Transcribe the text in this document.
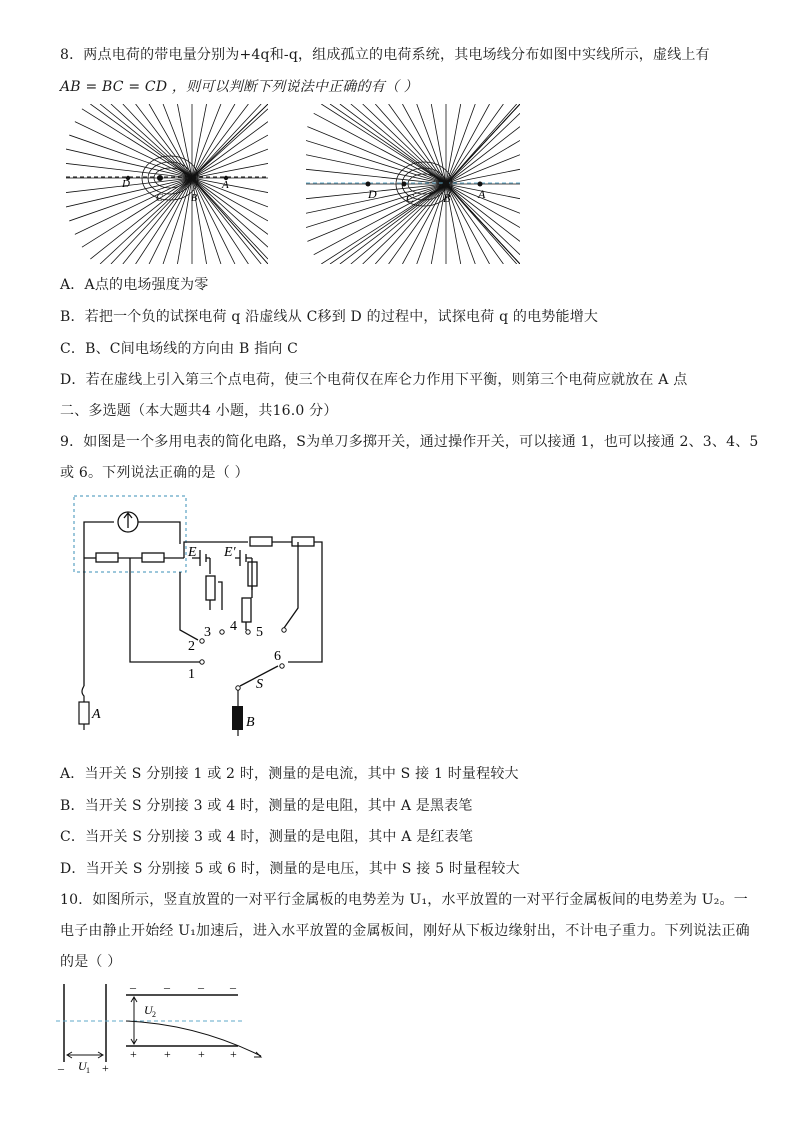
8．两点电荷的带电量分别为+4q和-q，组成孤立的电荷系统，其电场线分布如图中实线所示，虚线上有
AB = BC = CD ，则可以判断下列说法中正确的有（ ）
D
C	B
A
D C B A
A．A点的电场强度为零
B．若把一个负的试探电荷 q 沿虚线从 C移到 D 的过程中，试探电荷 q 的电势能增大
C．B、C间电场线的方向由 B 指向 C
D．若在虚线上引入第三个点电荷，使三个电荷仅在库仑力作用下平衡，则第三个电荷应就放在 A 点
二、多选题（本大题共4 小题，共16.0 分）
9．如图是一个多用电表的简化电路，S为单刀多掷开关，通过操作开关，可以接通 1，也可以接通 2、3、4、5
或 6。下列说法正确的是（ ）
E E′
1
2
3 4 5
6
S
A
B
A．当开关 S 分别接 1 或 2 时，测量的是电流，其中 S 接 1 时量程较大
B．当开关 S 分别接 3 或 4 时，测量的是电阻，其中 A 是黑表笔
C．当开关 S 分别接 3 或 4 时，测量的是电阻，其中 A 是红表笔
D．当开关 S 分别接 5 或 6 时，测量的是电压，其中 S 接 5 时量程较大
10．如图所示，竖直放置的一对平行金属板的电势差为 U₁，水平放置的一对平行金属板间的电势差为 U₂。一
电子由静止开始经 U₁加速后，进入水平放置的金属板间，刚好从下板边缘射出，不计电子重力。下列说法正确
的是（ ）
– – – –
+ + + +
–	+
U 2
U 1
